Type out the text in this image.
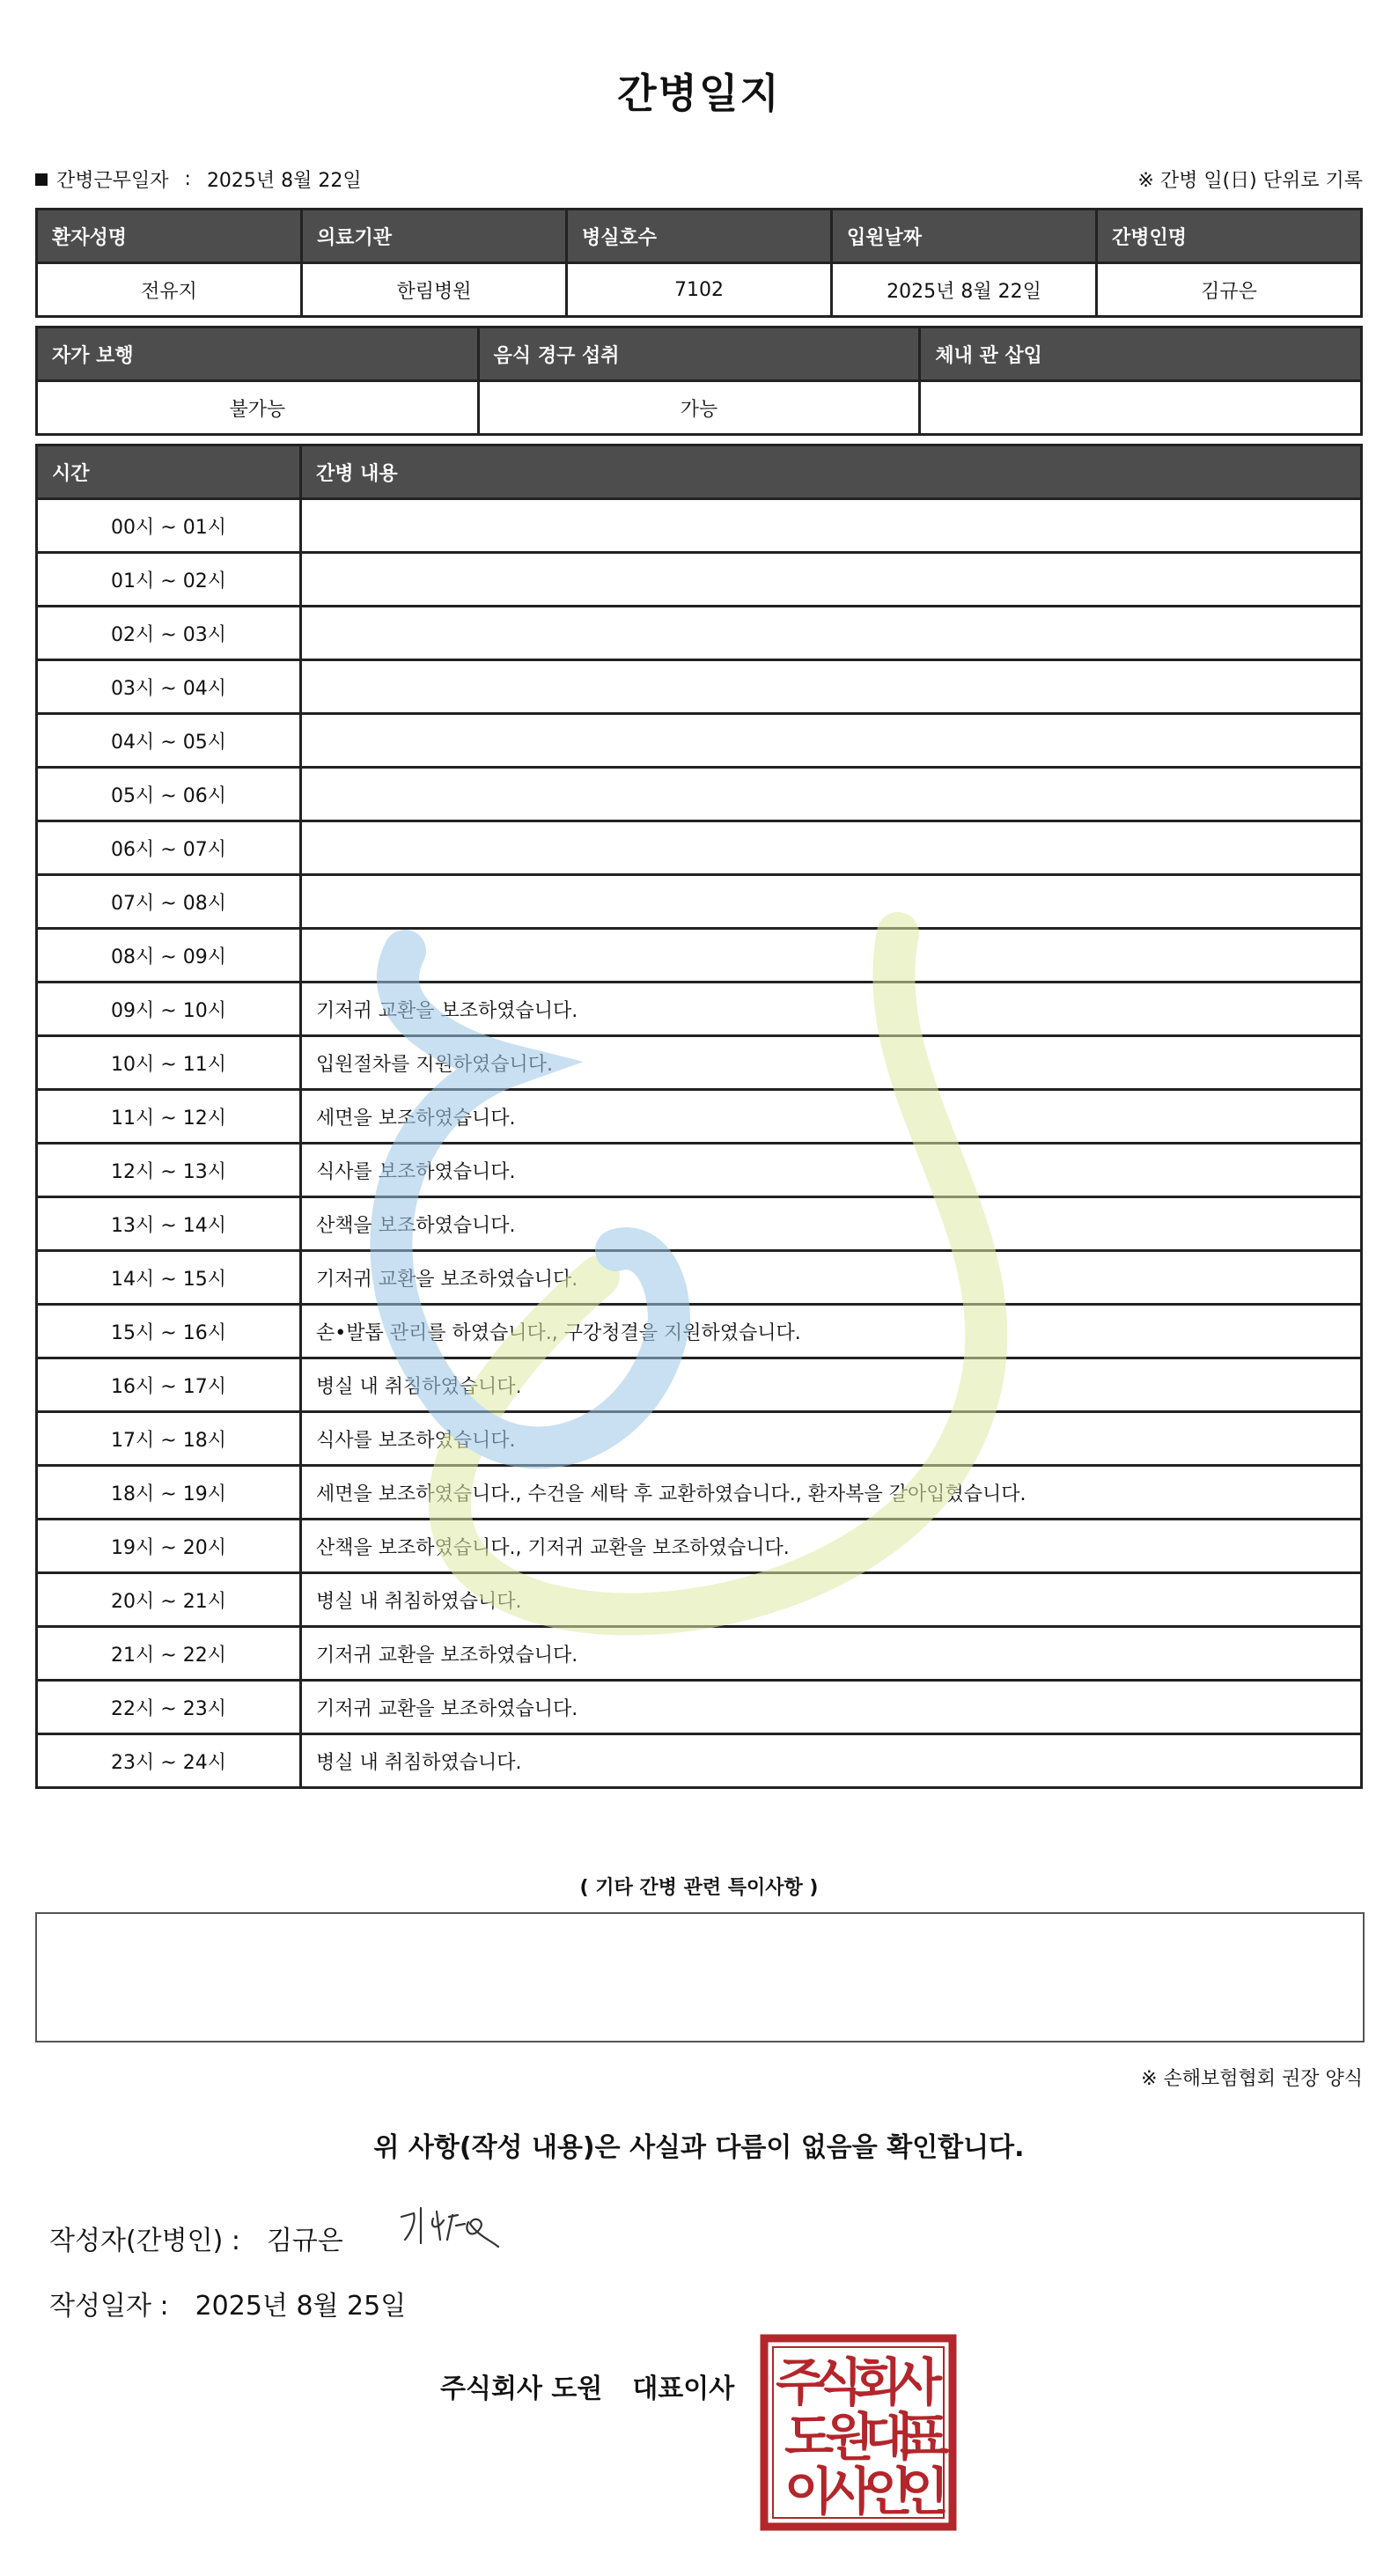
간병일지
간병근무일자 : 2025년 8월 22일	※ 간병 일(日) 단위로 기록
환자성명	의료기관	병실호수	입원날짜	간병인명
전유지	한림병원	7102	2025년 8월 22일	김규은
자가 보행	음식 경구 섭취	체내 관 삽입
불가능	가능	
시간	간병 내용
00시 ~ 01시	
01시 ~ 02시	
02시 ~ 03시	
03시 ~ 04시	
04시 ~ 05시	
05시 ~ 06시	
06시 ~ 07시	
07시 ~ 08시	
08시 ~ 09시	
09시 ~ 10시	기저귀 교환을 보조하였습니다.
10시 ~ 11시	입원절차를 지원하였습니다.
11시 ~ 12시	세면을 보조하였습니다.
12시 ~ 13시	식사를 보조하였습니다.
13시 ~ 14시	산책을 보조하였습니다.
14시 ~ 15시	기저귀 교환을 보조하였습니다.
15시 ~ 16시	손•발톱 관리를 하였습니다., 구강청결을 지원하였습니다.
16시 ~ 17시	병실 내 취침하였습니다.
17시 ~ 18시	식사를 보조하였습니다.
18시 ~ 19시	세면을 보조하였습니다., 수건을 세탁 후 교환하였습니다., 환자복을 갈아입혔습니다.
19시 ~ 20시	산책을 보조하였습니다., 기저귀 교환을 보조하였습니다.
20시 ~ 21시	병실 내 취침하였습니다.
21시 ~ 22시	기저귀 교환을 보조하였습니다.
22시 ~ 23시	기저귀 교환을 보조하였습니다.
23시 ~ 24시	병실 내 취침하였습니다.
( 기타 간병 관련 특이사항 )
※ 손해보험협회 권장 양식
위 사항(작성 내용)은 사실과 다름이 없음을 확인합니다.
작성자(간병인) : 김규은
작성일자 : 2025년 8월 25일
주식회사 도원 대표이사 주
식
회
사
도
원
대
표
이
사
인
인
